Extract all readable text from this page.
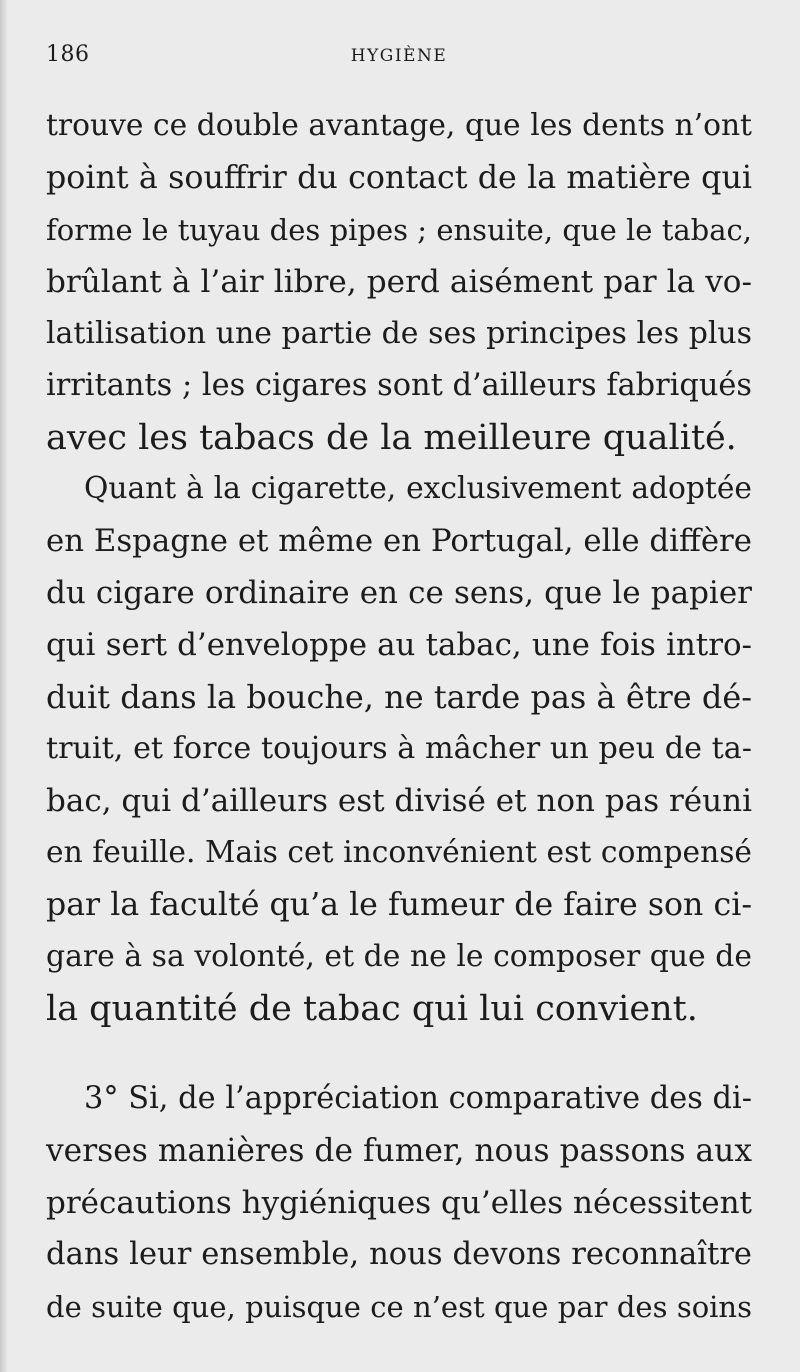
186	HYGIÈNE
trouve ce double avantage, que les dents n’ont
point à souffrir du contact de la matière qui
forme le tuyau des pipes ; ensuite, que le tabac,
brûlant à l’air libre, perd aisément par la vo-
latilisation une partie de ses principes les plus
irritants ; les cigares sont d’ailleurs fabriqués
avec les tabacs de la meilleure qualité.
Quant à la cigarette, exclusivement adoptée
en Espagne et même en Portugal, elle diffère
du cigare ordinaire en ce sens, que le papier
qui sert d’enveloppe au tabac, une fois intro-
duit dans la bouche, ne tarde pas à être dé-
truit, et force toujours à mâcher un peu de ta-
bac, qui d’ailleurs est divisé et non pas réuni
en feuille. Mais cet inconvénient est compensé
par la faculté qu’a le fumeur de faire son ci-
gare à sa volonté, et de ne le composer que de
la quantité de tabac qui lui convient.
3° Si, de l’appréciation comparative des di-
verses manières de fumer, nous passons aux
précautions hygiéniques qu’elles nécessitent
dans leur ensemble, nous devons reconnaître
de suite que, puisque ce n’est que par des soins
